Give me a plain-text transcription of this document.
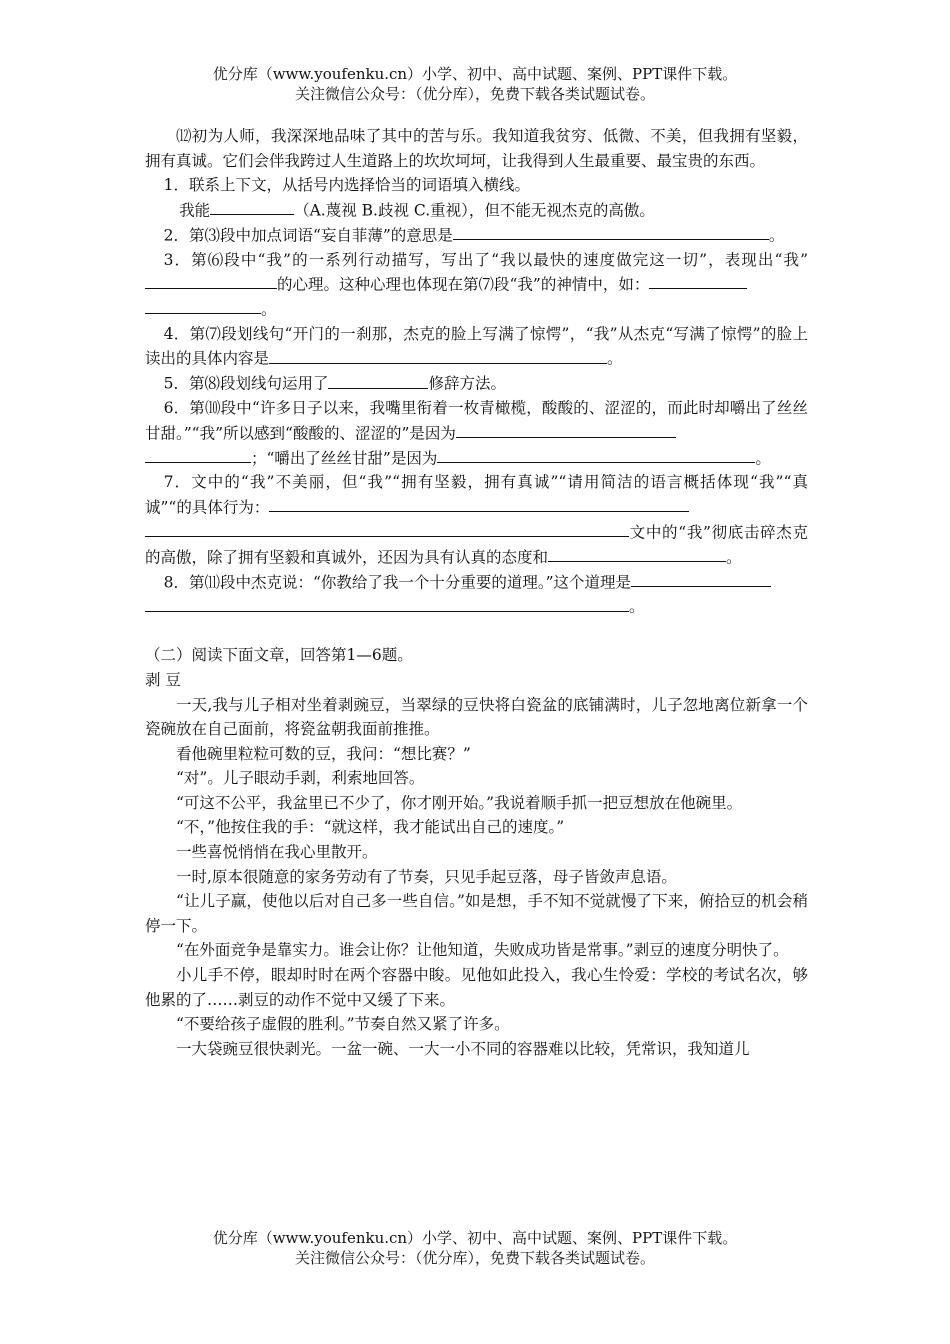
优分库（www.youfenku.cn）小学、初中、高中试题、案例、PPT课件下载。
关注微信公众号：（优分库），免费下载各类试题试卷。

⑿初为人师，我深深地品味了其中的苦与乐。我知道我贫穷、低微、不美，但我拥有坚毅，拥有真诚。它们会伴我跨过人生道路上的坎坎坷坷，让我得到人生最重要、最宝贵的东西。

1．联系上下文，从括号内选择恰当的词语填入横线。

我能	（A.蔑视 B.歧视 C.重视），但不能无视杰克的高傲。

2．第⑶段中加点词语“妄自菲薄”的意思是	。

3．第⑹段中“我”的一系列行动描写，写出了“我以最快的速度做完这一切”，表现出“我”的心理。这种心理也体现在第⑺段“我”的神情中，如：

。

4．第⑺段划线句“开门的一刹那，杰克的脸上写满了惊愕”，“我”从杰克“写满了惊愕”的脸上读出的具体内容是	。

5．第⑻段划线句运用了	修辞方法。

6．第⑽段中“许多日子以来，我嘴里衔着一枚青橄榄，酸酸的、涩涩的，而此时却嚼出了丝丝甘甜。”“我”所以感到“酸酸的、涩涩的”是因为

；“嚼出了丝丝甘甜”是因为	。

7．文中的“我”不美丽，但“我”“拥有坚毅，拥有真诚”“请用简洁的语言概括体现“我”“真诚”“的具体行为：

文中的“我”彻底击碎杰克的高傲，除了拥有坚毅和真诚外，还因为具有认真的态度和	。

8．第⑾段中杰克说：“你教给了我一个十分重要的道理。”这个道理是

。

（二）阅读下面文章，回答第1—6题。

剥 豆

一天,我与儿子相对坐着剥豌豆，当翠绿的豆快将白瓷盆的底铺满时，儿子忽地离位新拿一个瓷碗放在自己面前，将瓷盆朝我面前推推。

看他碗里粒粒可数的豆，我问：“想比赛？”

“对”。儿子眼动手剥，利索地回答。

“可这不公平，我盆里已不少了，你才刚开始。”我说着顺手抓一把豆想放在他碗里。

“不，”他按住我的手：“就这样，我才能试出自己的速度。”

一些喜悦悄悄在我心里散开。

一时,原本很随意的家务劳动有了节奏，只见手起豆落，母子皆敛声息语。

“让儿子赢，使他以后对自己多一些自信。”如是想，手不知不觉就慢了下来，俯拾豆的机会稍停一下。

“在外面竞争是靠实力。谁会让你？让他知道，失败成功皆是常事。”剥豆的速度分明快了。

小儿手不停，眼却时时在两个容器中睃。见他如此投入，我心生怜爱：学校的考试名次，够他累的了……剥豆的动作不觉中又缓了下来。

“不要给孩子虚假的胜利。”节奏自然又紧了许多。

一大袋豌豆很快剥光。一盆一碗、一大一小不同的容器难以比较，凭常识，我知道儿

优分库（www.youfenku.cn）小学、初中、高中试题、案例、PPT课件下载。
关注微信公众号：（优分库），免费下载各类试题试卷。
